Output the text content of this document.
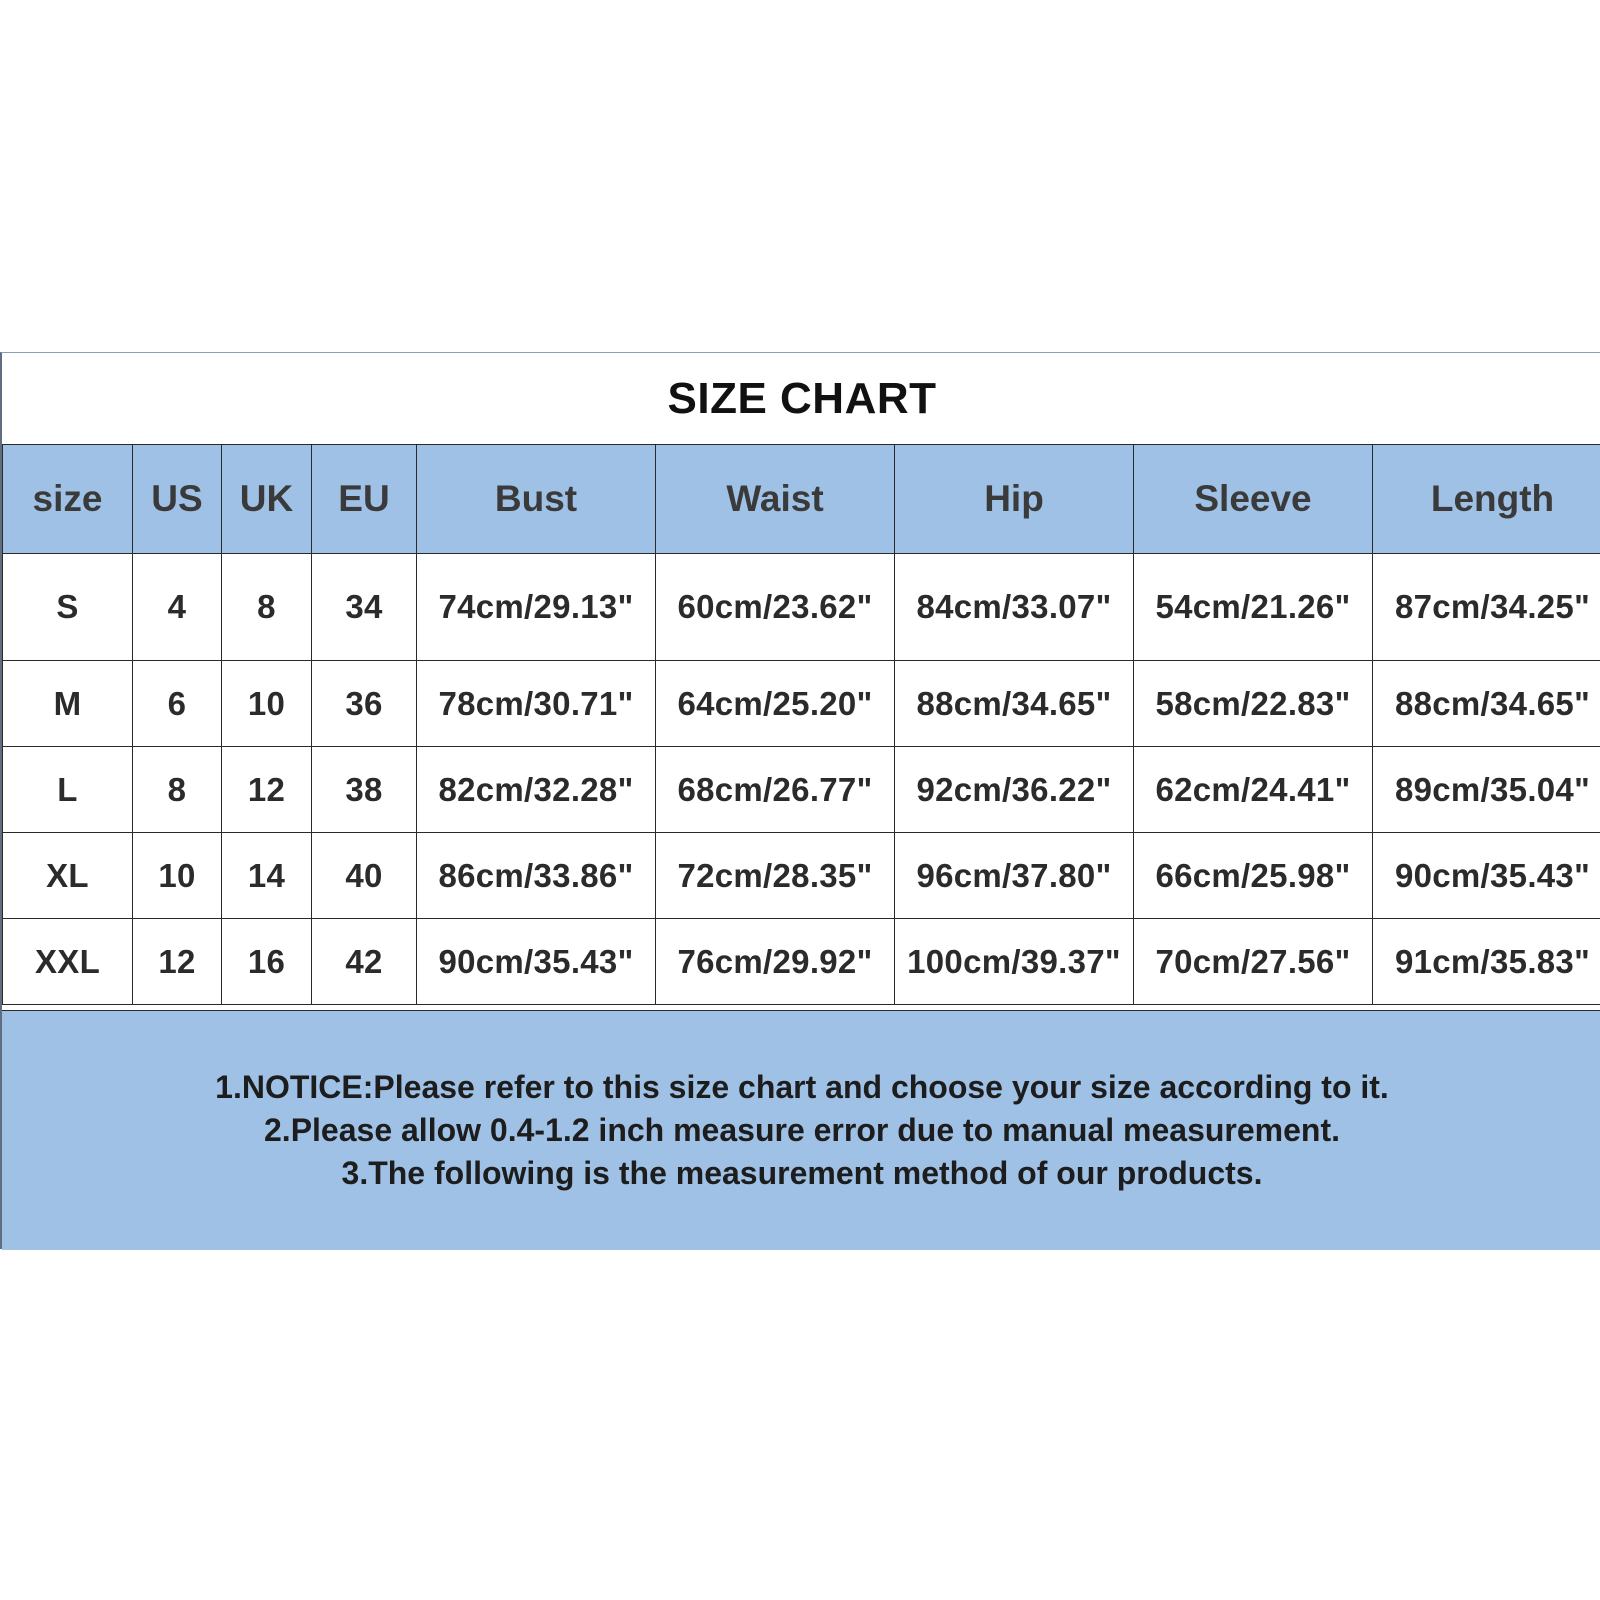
SIZE CHART
size	US	UK	EU	Bust	Waist	Hip	Sleeve	Length
S	4	8	34	74cm/29.13"	60cm/23.62"	84cm/33.07"	54cm/21.26"	87cm/34.25"
M	6	10	36	78cm/30.71"	64cm/25.20"	88cm/34.65"	58cm/22.83"	88cm/34.65"
L	8	12	38	82cm/32.28"	68cm/26.77"	92cm/36.22"	62cm/24.41"	89cm/35.04"
XL	10	14	40	86cm/33.86"	72cm/28.35"	96cm/37.80"	66cm/25.98"	90cm/35.43"
XXL	12	16	42	90cm/35.43"	76cm/29.92"	100cm/39.37"	70cm/27.56"	91cm/35.83"

1.NOTICE:Please refer to this size chart and choose your size according to it.

2.Please allow 0.4-1.2 inch measure error due to manual measurement.

3.The following is the measurement method of our products.
